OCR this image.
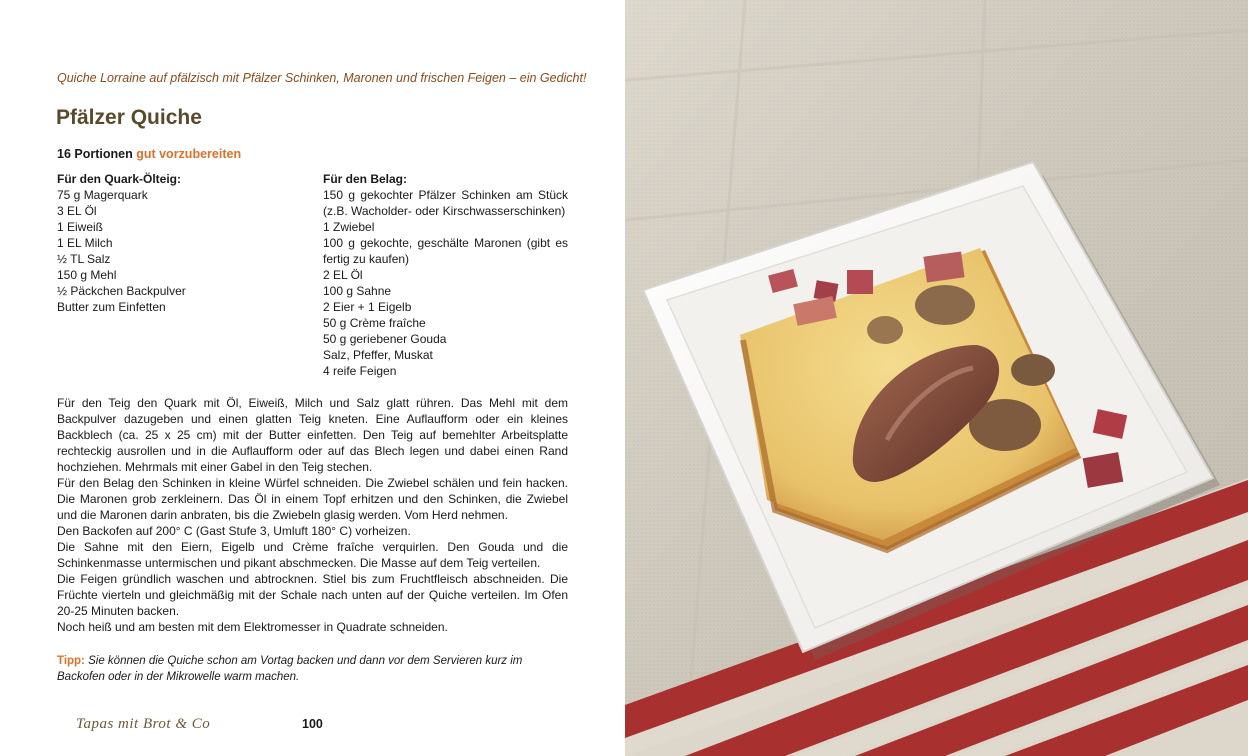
Quiche Lorraine auf pfälzisch mit Pfälzer Schinken, Maronen und frischen Feigen – ein Gedicht!
Pfälzer Quiche
16 Portionen gut vorzubereiten
Für den Quark-Ölteig:
75 g Magerquark
3 EL Öl
1 Eiweiß
1 EL Milch
½ TL Salz
150 g Mehl
½ Päckchen Backpulver
Butter zum Einfetten
Für den Belag:
150 g gekochter Pfälzer Schinken am Stück (z.B. Wacholder- oder Kirschwasserschinken)
1 Zwiebel
100 g gekochte, geschälte Maronen (gibt es fertig zu kaufen)
2 EL Öl
100 g Sahne
2 Eier + 1 Eigelb
50 g Crème fraîche
50 g geriebener Gouda
Salz, Pfeffer, Muskat
4 reife Feigen

Für den Teig den Quark mit Öl, Eiweiß, Milch und Salz glatt rühren. Das Mehl mit dem Backpulver dazugeben und einen glatten Teig kneten. Eine Auflaufform oder ein kleines Backblech (ca. 25 x 25 cm) mit der Butter einfetten. Den Teig auf bemehlter Arbeitsplatte rechteckig ausrollen und in die Auflaufform oder auf das Blech legen und dabei einen Rand hochziehen. Mehrmals mit einer Gabel in den Teig stechen.

Für den Belag den Schinken in kleine Würfel schneiden. Die Zwiebel schälen und fein hacken. Die Maronen grob zerkleinern. Das Öl in einem Topf erhitzen und den Schinken, die Zwiebel und die Maronen darin anbraten, bis die Zwiebeln glasig werden. Vom Herd nehmen.

Den Backofen auf 200° C (Gast Stufe 3, Umluft 180° C) vorheizen.

Die Sahne mit den Eiern, Eigelb und Crème fraîche verquirlen. Den Gouda und die Schinkenmasse untermischen und pikant abschmecken. Die Masse auf dem Teig verteilen.

Die Feigen gründlich waschen und abtrocknen. Stiel bis zum Fruchtfleisch abschneiden. Die Früchte vierteln und gleichmäßig mit der Schale nach unten auf der Quiche verteilen. Im Ofen 20-25 Minuten backen.

Noch heiß und am besten mit dem Elektromesser in Quadrate schneiden.

Tipp: Sie können die Quiche schon am Vortag backen und dann vor dem Servieren kurz im Backofen oder in der Mikrowelle warm machen.
Tapas mit Brot & Co	100
